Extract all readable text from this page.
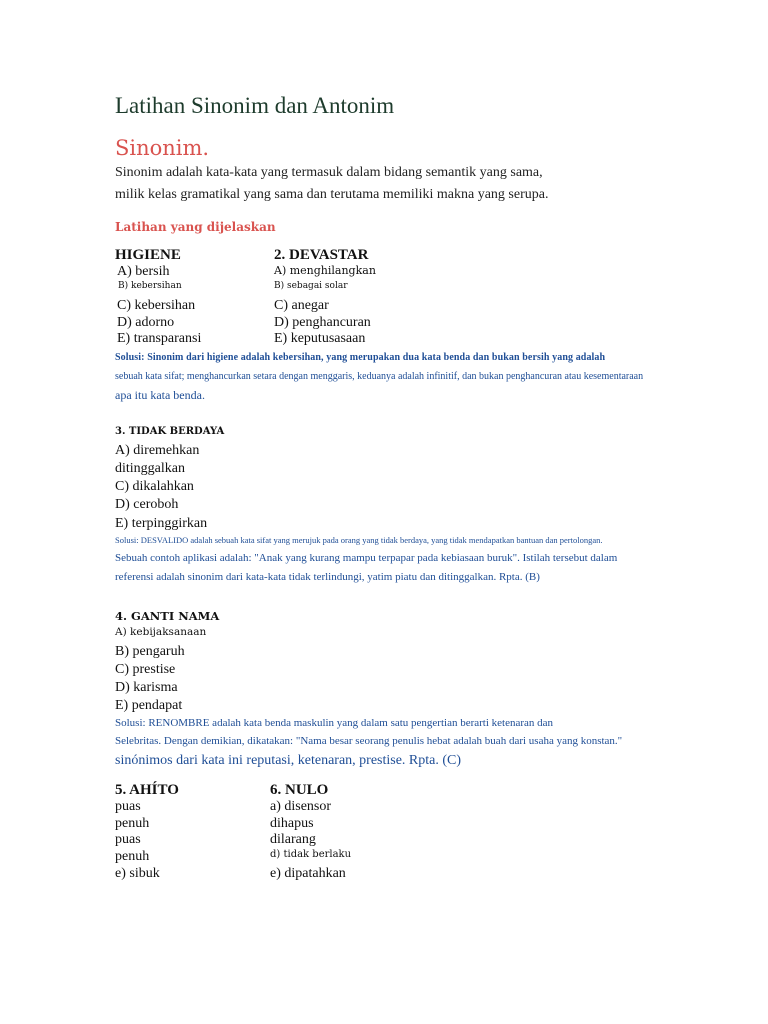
Latihan Sinonim dan Antonim
Sinonim.
Sinonim adalah kata-kata yang termasuk dalam bidang semantik yang sama,
milik kelas gramatikal yang sama dan terutama memiliki makna yang serupa.
Latihan yang dijelaskan
HIGIENE
A) bersih
B) kebersihan
C) kebersihan
D) adorno
E) transparansi
2. DEVASTAR
A) menghilangkan
B) sebagai solar
C) anegar
D) penghancuran
E) keputusasaan
Solusi: Sinonim dari higiene adalah kebersihan, yang merupakan dua kata benda dan bukan bersih yang adalah
sebuah kata sifat; menghancurkan setara dengan menggaris, keduanya adalah infinitif, dan bukan penghancuran atau kesementaraan
apa itu kata benda.
3. TIDAK BERDAYA
A) diremehkan
ditinggalkan
C) dikalahkan
D) ceroboh
E) terpinggirkan
Solusi: DESVALIDO adalah sebuah kata sifat yang merujuk pada orang yang tidak berdaya, yang tidak mendapatkan bantuan dan pertolongan.
Sebuah contoh aplikasi adalah: "Anak yang kurang mampu terpapar pada kebiasaan buruk". Istilah tersebut dalam
referensi adalah sinonim dari kata-kata tidak terlindungi, yatim piatu dan ditinggalkan. Rpta. (B)
4. GANTI NAMA
A) kebijaksanaan
B) pengaruh
C) prestise
D) karisma
E) pendapat
Solusi: RENOMBRE adalah kata benda maskulin yang dalam satu pengertian berarti ketenaran dan
Selebritas. Dengan demikian, dikatakan: "Nama besar seorang penulis hebat adalah buah dari usaha yang konstan."
sinónimos dari kata ini reputasi, ketenaran, prestise. Rpta. (C)
5. AHÍTO
puas
penuh
puas
penuh
e) sibuk
6. NULO
a) disensor
dihapus
dilarang
d) tidak berlaku
e) dipatahkan
